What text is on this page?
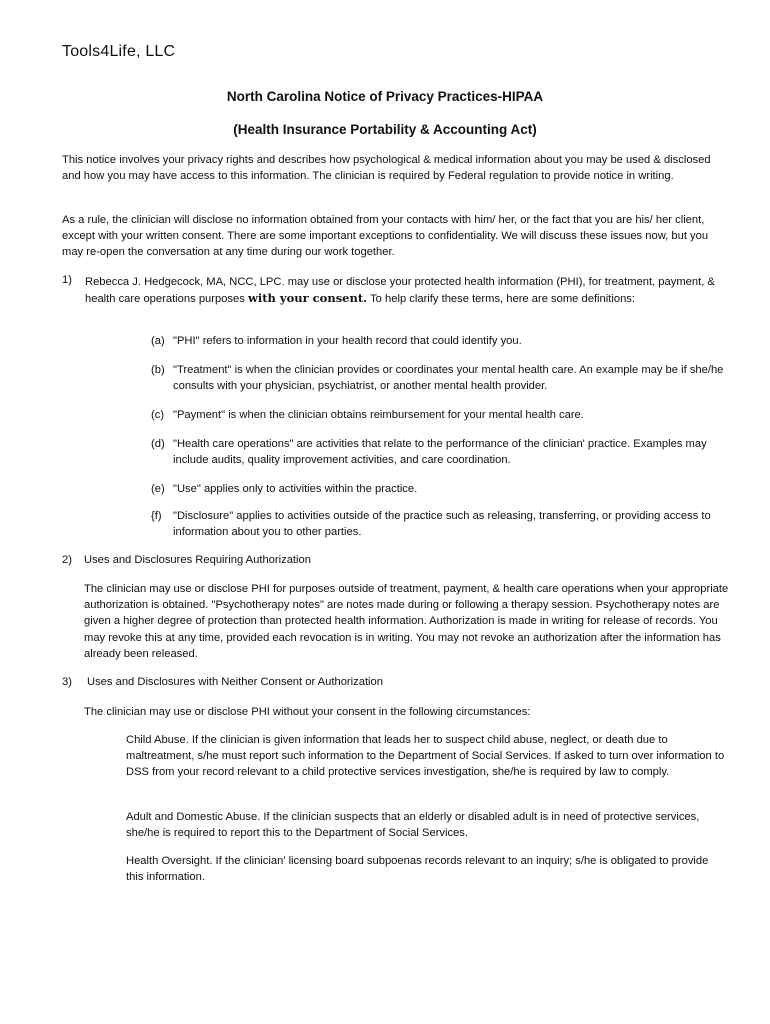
Tools4Life, LLC
North Carolina Notice of Privacy Practices-HIPAA
(Health Insurance Portability & Accounting Act)

This notice involves your privacy rights and describes how psychological & medical information about you may be used & disclosed and how you may have access to this information. The clinician is required by Federal regulation to provide notice in writing.

As a rule, the clinician will disclose no information obtained from your contacts with him/ her, or the fact that you are his/ her client, except with your written consent. There are some important exceptions to confidentiality. We will discuss these issues now, but you may re-open the conversation at any time during our work together.

1) Rebecca J. Hedgecock, MA, NCC, LPC. may use or disclose your protected health information (PHI), for treatment, payment, & health care operations purposes with your consent. To help clarify these terms, here are some definitions:
(a) "PHI" refers to information in your health record that could identify you.
(b) "Treatment" is when the clinician provides or coordinates your mental health care. An example may be if she/he consults with your physician, psychiatrist, or another mental health provider.
(c) "Payment" is when the clinician obtains reimbursement for your mental health care.
(d) "Health care operations" are activities that relate to the performance of the clinician' practice. Examples may include audits, quality improvement activities, and care coordination.
(e) "Use" applies only to activities within the practice.
{f)	"Disclosure" applies to activities outside of the practice such as releasing, transferring, or providing access to information about you to other parties.
2) Uses and Disclosures Requiring Authorization

The clinician may use or disclose PHI for purposes outside of treatment, payment, & health care operations when your appropriate authorization is obtained. "Psychotherapy notes" are notes made during or following a therapy session. Psychotherapy notes are given a higher degree of protection than protected health information. Authorization is made in writing for release of records. You may revoke this at any time, provided each revocation is in writing. You may not revoke an authorization after the information has already been released.

3) Uses and Disclosures with Neither Consent or Authorization

The clinician may use or disclose PHI without your consent in the following circumstances:

Child Abuse. If the clinician is given information that leads her to suspect child abuse, neglect, or death due to maltreatment, s/he must report such information to the Department of Social Services. If asked to turn over information to DSS from your record relevant to a child protective services investigation, she/he is required by law to comply.

Adult and Domestic Abuse. If the clinician suspects that an elderly or disabled adult is in need of protective services, she/he is required to report this to the Department of Social Services.

Health Oversight. If the clinician' licensing board subpoenas records relevant to an inquiry; s/he is obligated to provide this information.
